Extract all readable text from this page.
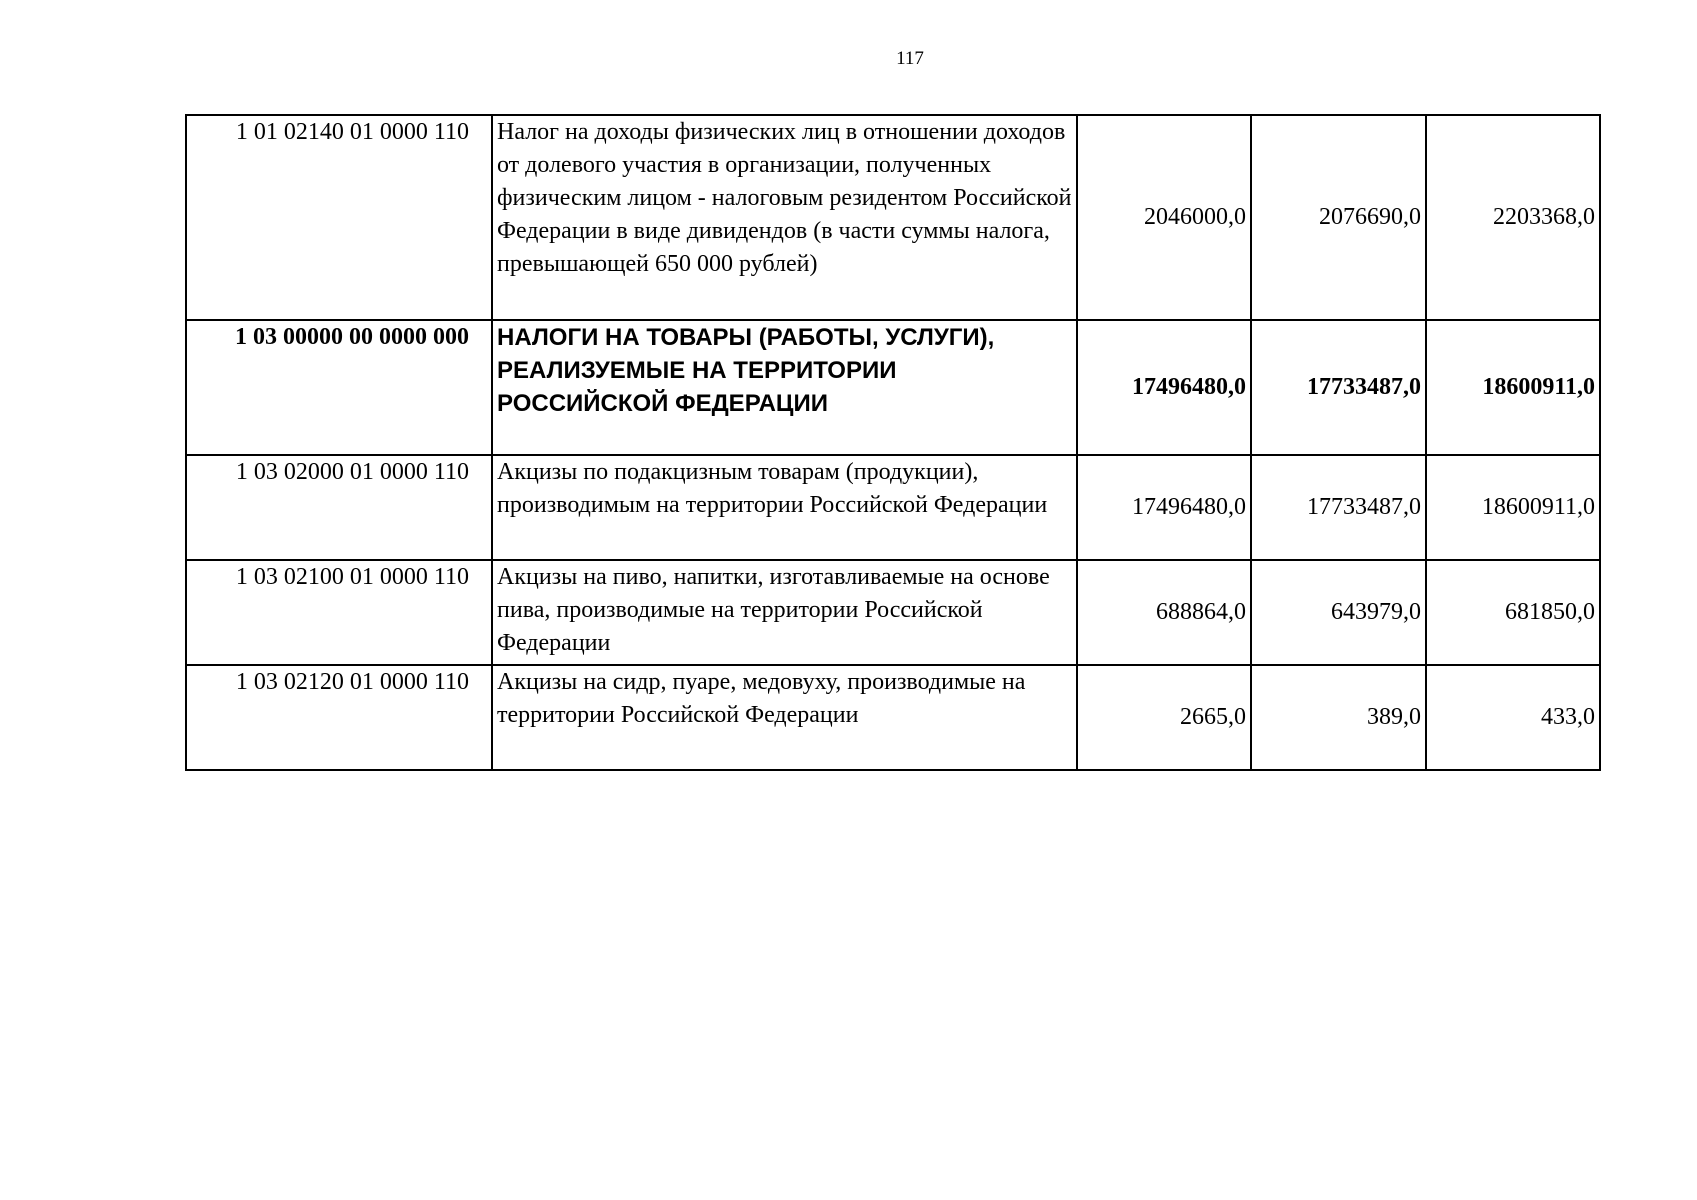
117
1 01 02140 01 0000 110	Налог на доходы физических лиц в отношении доходов от долевого участия в организации, полученных физическим лицом - налоговым резидентом Российской Федерации в виде дивидендов (в части суммы налога, превышающей 650 000 рублей)	2046000,0	2076690,0	2203368,0
1 03 00000 00 0000 000	НАЛОГИ НА ТОВАРЫ (РАБОТЫ, УСЛУГИ), РЕАЛИЗУЕМЫЕ НА ТЕРРИТОРИИ РОССИЙСКОЙ ФЕДЕРАЦИИ	17496480,0	17733487,0	18600911,0
1 03 02000 01 0000 110	Акцизы по подакцизным товарам (продукции), производимым на территории Российской Федерации	17496480,0	17733487,0	18600911,0
1 03 02100 01 0000 110	Акцизы на пиво, напитки, изготавливаемые на основе пива, производимые на территории Российской Федерации	688864,0	643979,0	681850,0
1 03 02120 01 0000 110	Акцизы на сидр, пуаре, медовуху, производимые на территории Российской Федерации	2665,0	389,0	433,0
